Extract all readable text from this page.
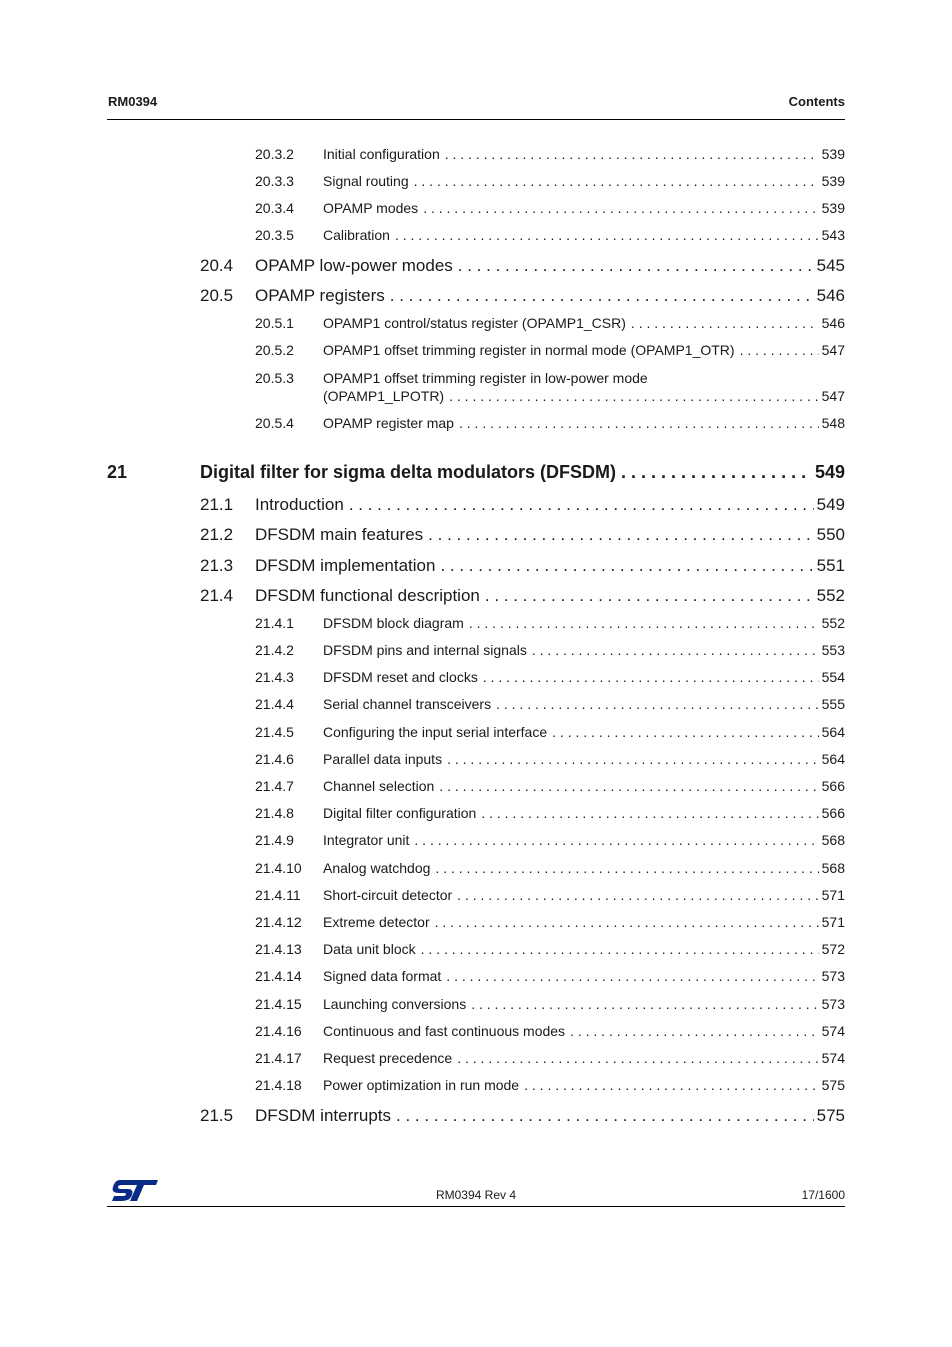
RM0394	Contents
20.3.2 Initial configuration . . .	539
20.3.3 Signal routing . . .	539
20.3.4 OPAMP modes . . .	539
20.3.5 Calibration . . .	543
20.4 OPAMP low-power modes . . .	545
20.5 OPAMP registers . . .	546
20.5.1 OPAMP1 control/status register (OPAMP1_CSR) . . .	546
20.5.2 OPAMP1 offset trimming register in normal mode (OPAMP1_OTR) . . .	547
20.5.3 OPAMP1 offset trimming register in low-power mode
(OPAMP1_LPOTR) . . .	547
20.5.4 OPAMP register map . . .	548
21	Digital filter for sigma delta modulators (DFSDM) . . .	549
21.1 Introduction . . .	549
21.2 DFSDM main features . . .	550
21.3 DFSDM implementation . . .	551
21.4 DFSDM functional description . . .	552
21.4.1 DFSDM block diagram . . .	552
21.4.2 DFSDM pins and internal signals . . .	553
21.4.3 DFSDM reset and clocks . . .	554
21.4.4 Serial channel transceivers . . .	555
21.4.5 Configuring the input serial interface . . .	564
21.4.6 Parallel data inputs . . .	564
21.4.7 Channel selection . . .	566
21.4.8 Digital filter configuration . . .	566
21.4.9 Integrator unit . . .	568
21.4.10 Analog watchdog . . .	568
21.4.11 Short-circuit detector . . .	571
21.4.12 Extreme detector . . .	571
21.4.13 Data unit block . . .	572
21.4.14 Signed data format . . .	573
21.4.15 Launching conversions . . .	573
21.4.16 Continuous and fast continuous modes . . .	574
21.4.17 Request precedence . . .	574
21.4.18 Power optimization in run mode . . .	575
21.5 DFSDM interrupts . . .	575
RM0394 Rev 4	17/1600
